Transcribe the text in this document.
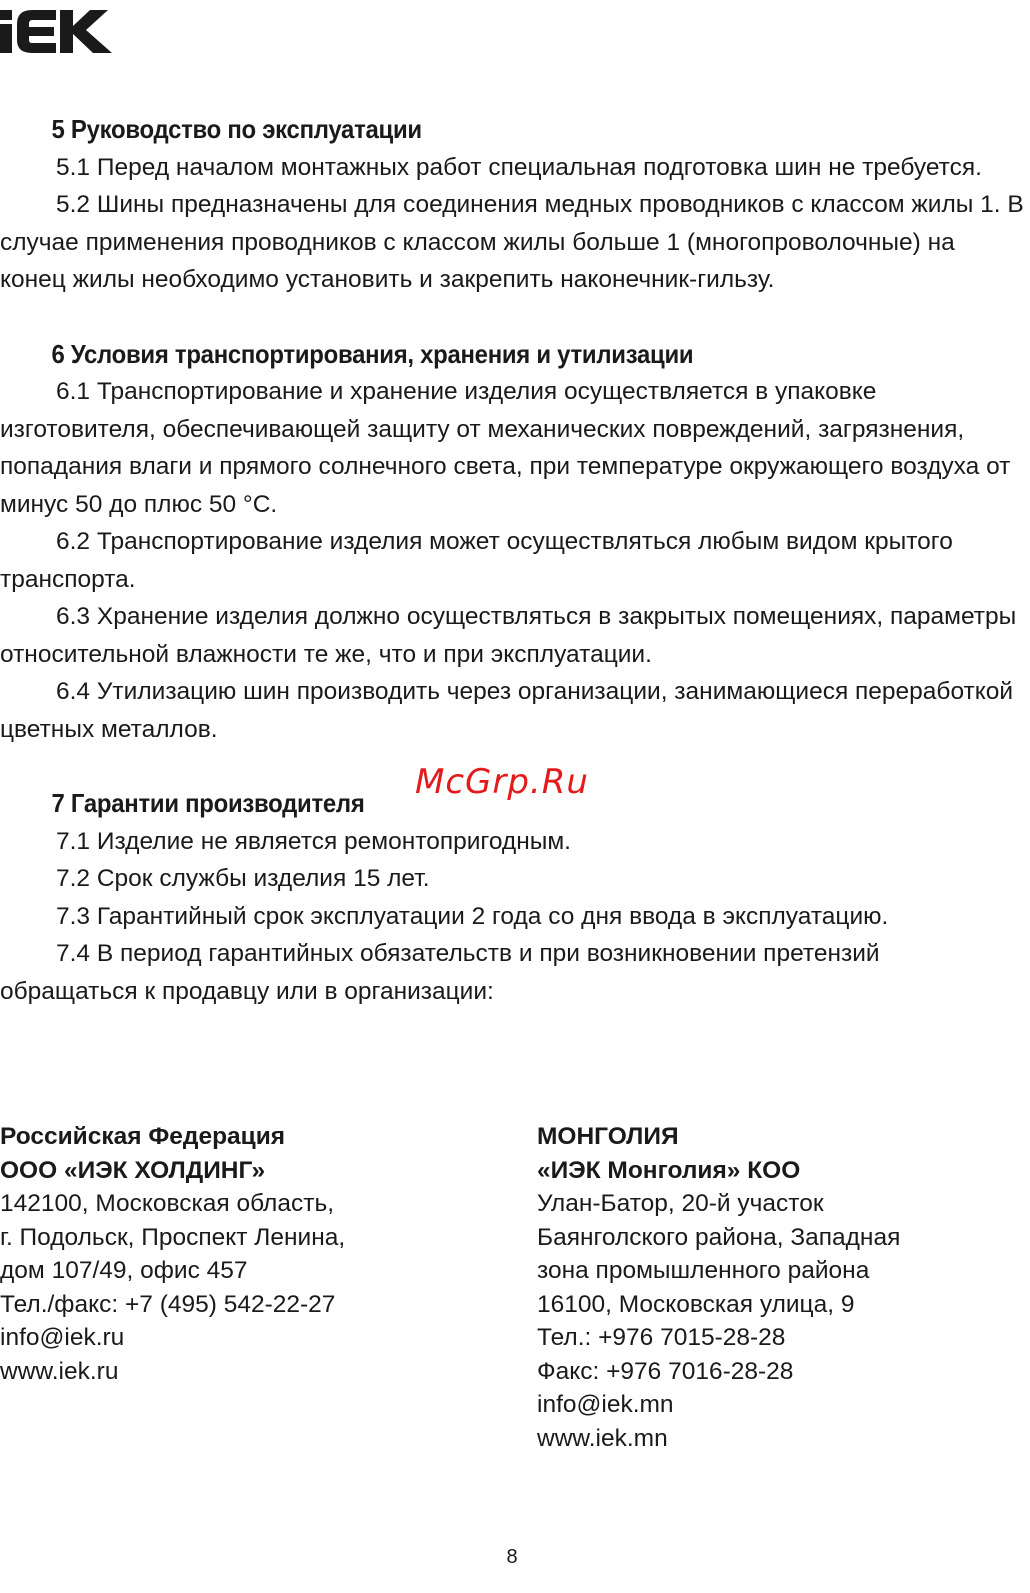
5 Руководство по эксплуатации

5.1 Перед началом монтажных работ специальная подготовка шин не требуется.

5.2 Шины предназначены для соединения медных проводников с классом жилы 1. В случае применения проводников с классом жилы больше 1 (многопроволочные) на конец жилы необходимо установить и закрепить наконечник-гильзу.

6 Условия транспортирования, хранения и утилизации

6.1 Транспортирование и хранение изделия осуществляется в упаковке изготовителя, обеспечивающей защиту от механических повреждений, загрязнения, попадания влаги и прямого солнечного света, при температуре окружающего воздуха от минус 50 до плюс 50 °С.

6.2 Транспортирование изделия может осуществляться любым видом крытого транспорта.

6.3 Хранение изделия должно осуществляться в закрытых помещениях, параметры относительной влажности те же, что и при эксплуатации.

6.4 Утилизацию шин производить через организации, занимающиеся переработкой цветных металлов.

7 Гарантии производителя

7.1 Изделие не является ремонтопригодным.

7.2 Срок службы изделия 15 лет.

7.3 Гарантийный срок эксплуатации 2 года со дня ввода в эксплуатацию.

7.4 В период гарантийных обязательств и при возникновении претензий обращаться к продавцу или в организации:

Российская Федерация
ООО «ИЭК ХОЛДИНГ»
142100, Московская область,
г. Подольск, Проспект Ленина,
дом 107/49, офис 457
Тел./факс: +7 (495) 542-22-27
info@iek.ru
www.iek.ru
МОНГОЛИЯ
«ИЭК Монголия» КОО
Улан-Батор, 20-й участок
Баянголского района, Западная
зона промышленного района
16100, Московская улица, 9
Тел.: +976 7015-28-28
Факс: +976 7016-28-28
info@iek.mn
www.iek.mn
McGrp.Ru
8
